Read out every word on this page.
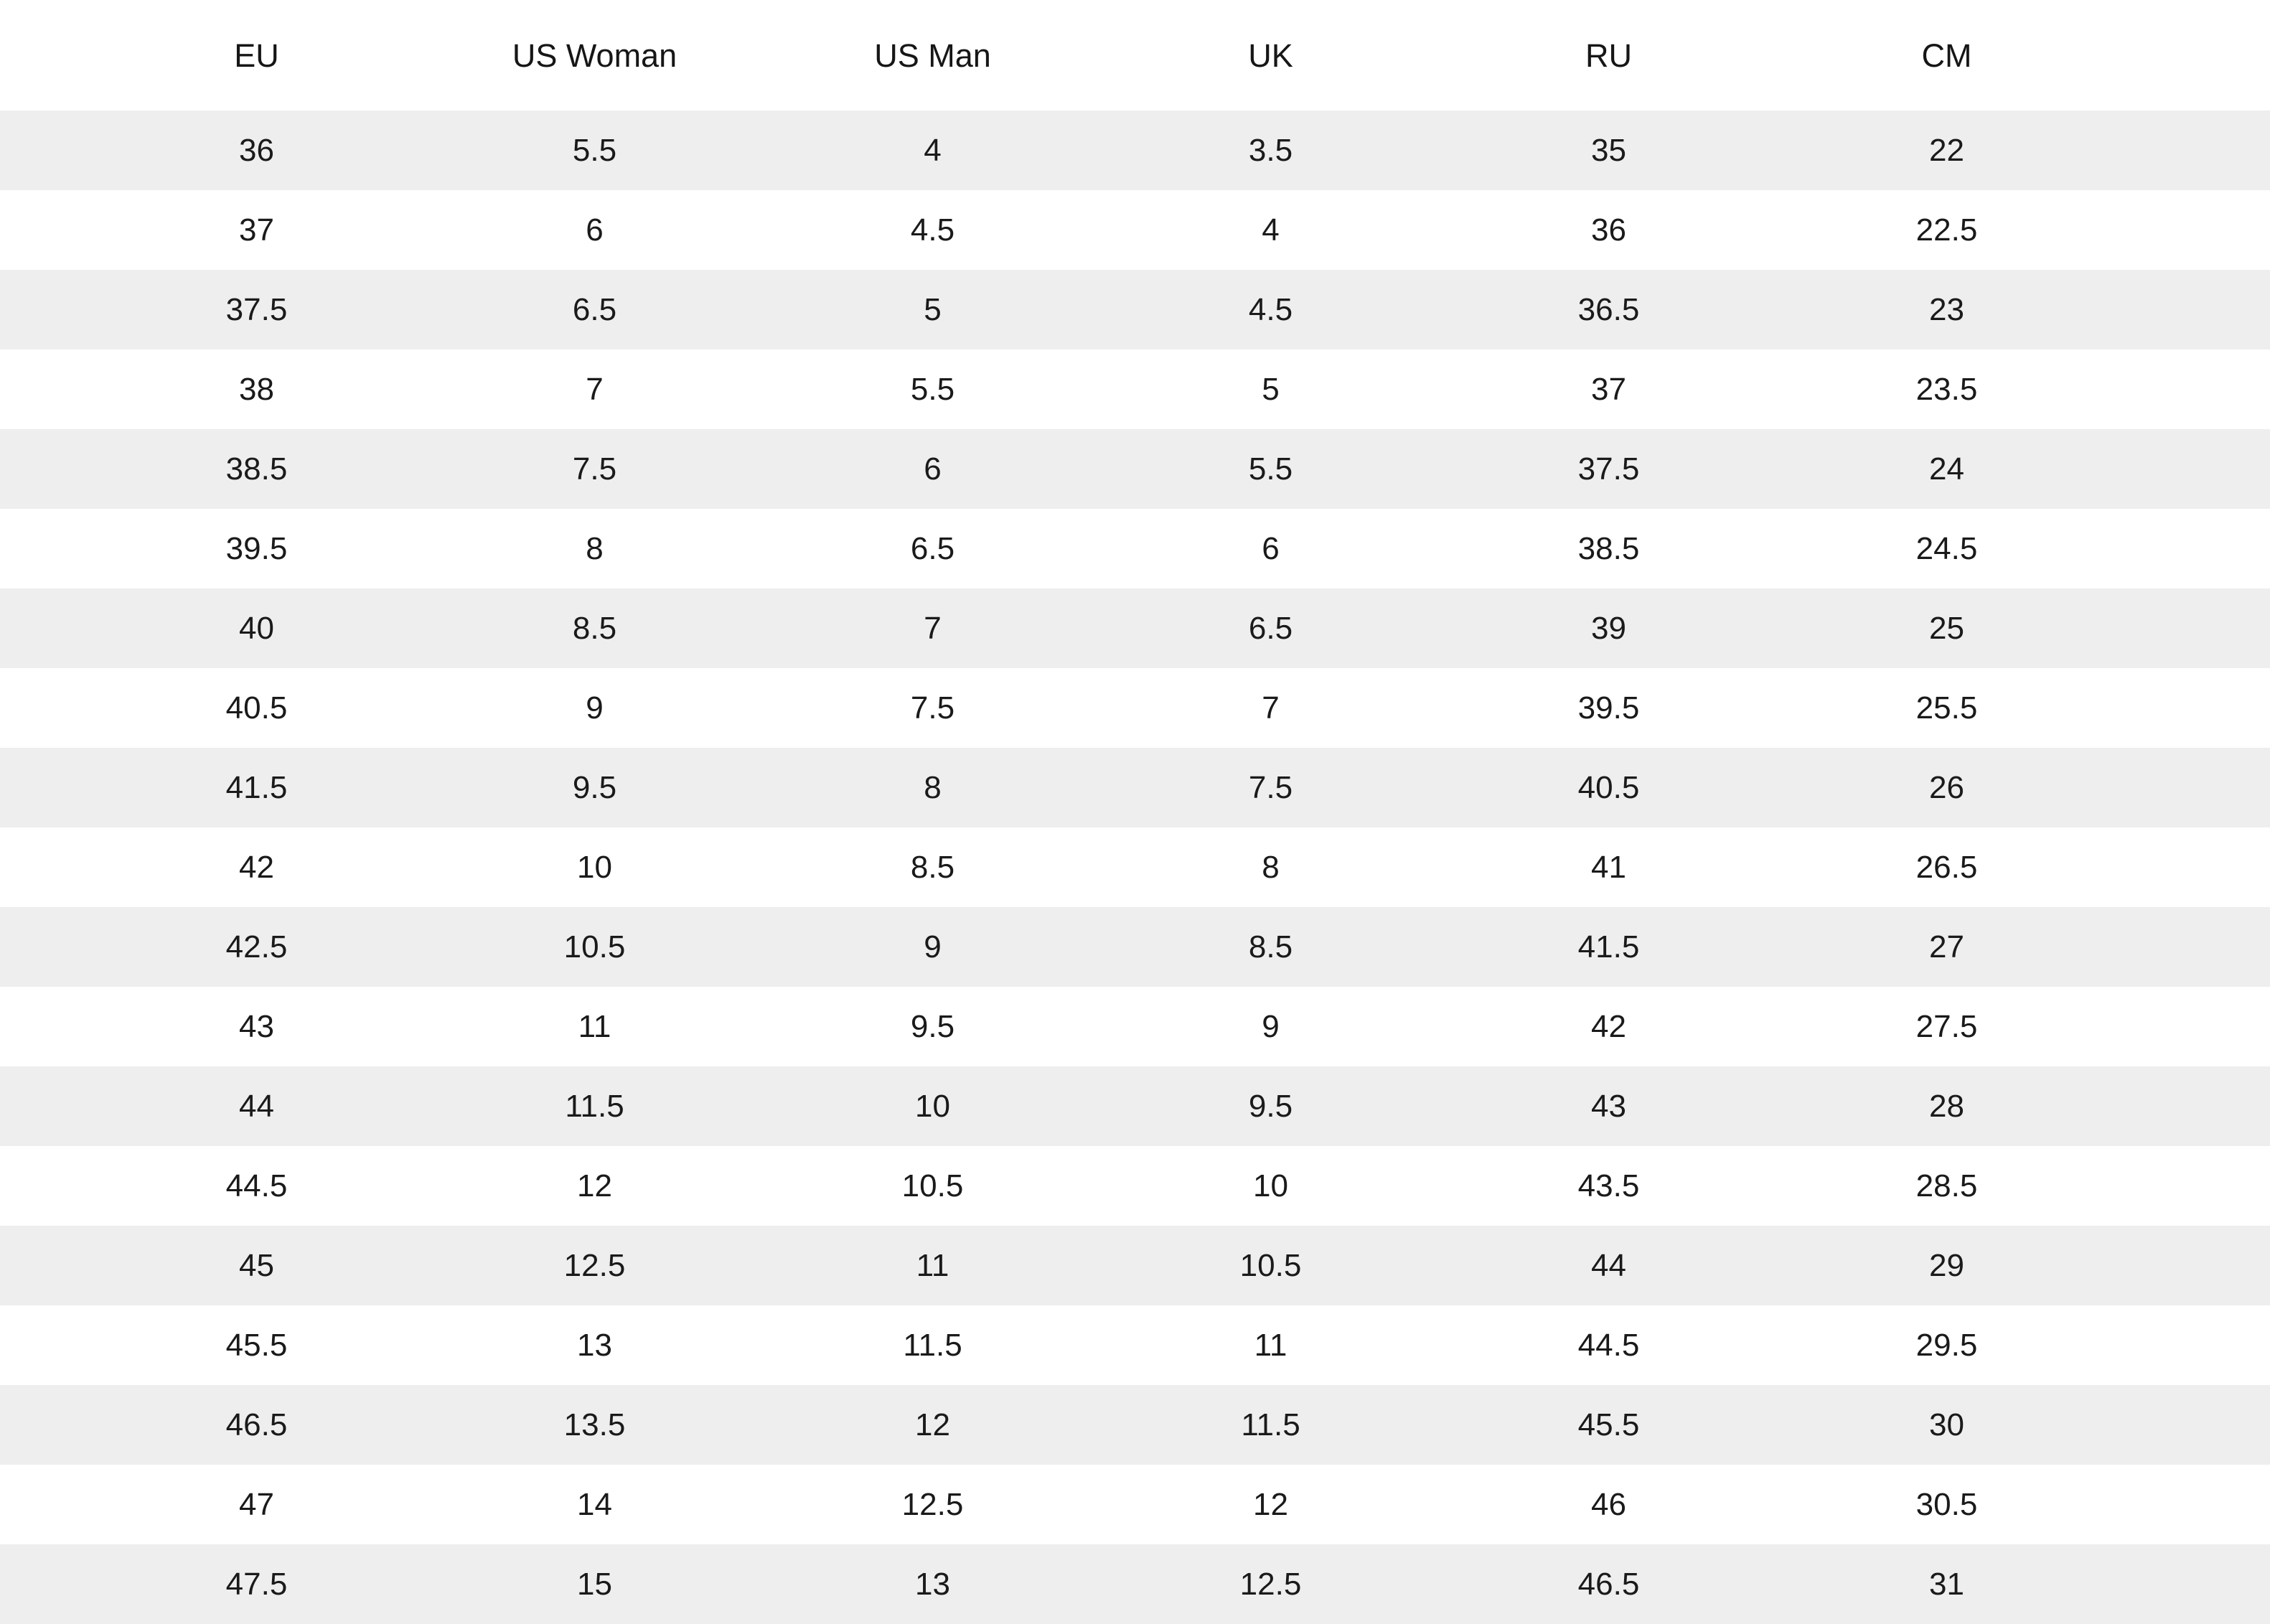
EU	US Woman	US Man	UK	RU	CM
36	5.5	4	3.5	35	22
37	6	4.5	4	36	22.5
37.5	6.5	5	4.5	36.5	23
38	7	5.5	5	37	23.5
38.5	7.5	6	5.5	37.5	24
39.5	8	6.5	6	38.5	24.5
40	8.5	7	6.5	39	25
40.5	9	7.5	7	39.5	25.5
41.5	9.5	8	7.5	40.5	26
42	10	8.5	8	41	26.5
42.5	10.5	9	8.5	41.5	27
43	11	9.5	9	42	27.5
44	11.5	10	9.5	43	28
44.5	12	10.5	10	43.5	28.5
45	12.5	11	10.5	44	29
45.5	13	11.5	11	44.5	29.5
46.5	13.5	12	11.5	45.5	30
47	14	12.5	12	46	30.5
47.5	15	13	12.5	46.5	31
